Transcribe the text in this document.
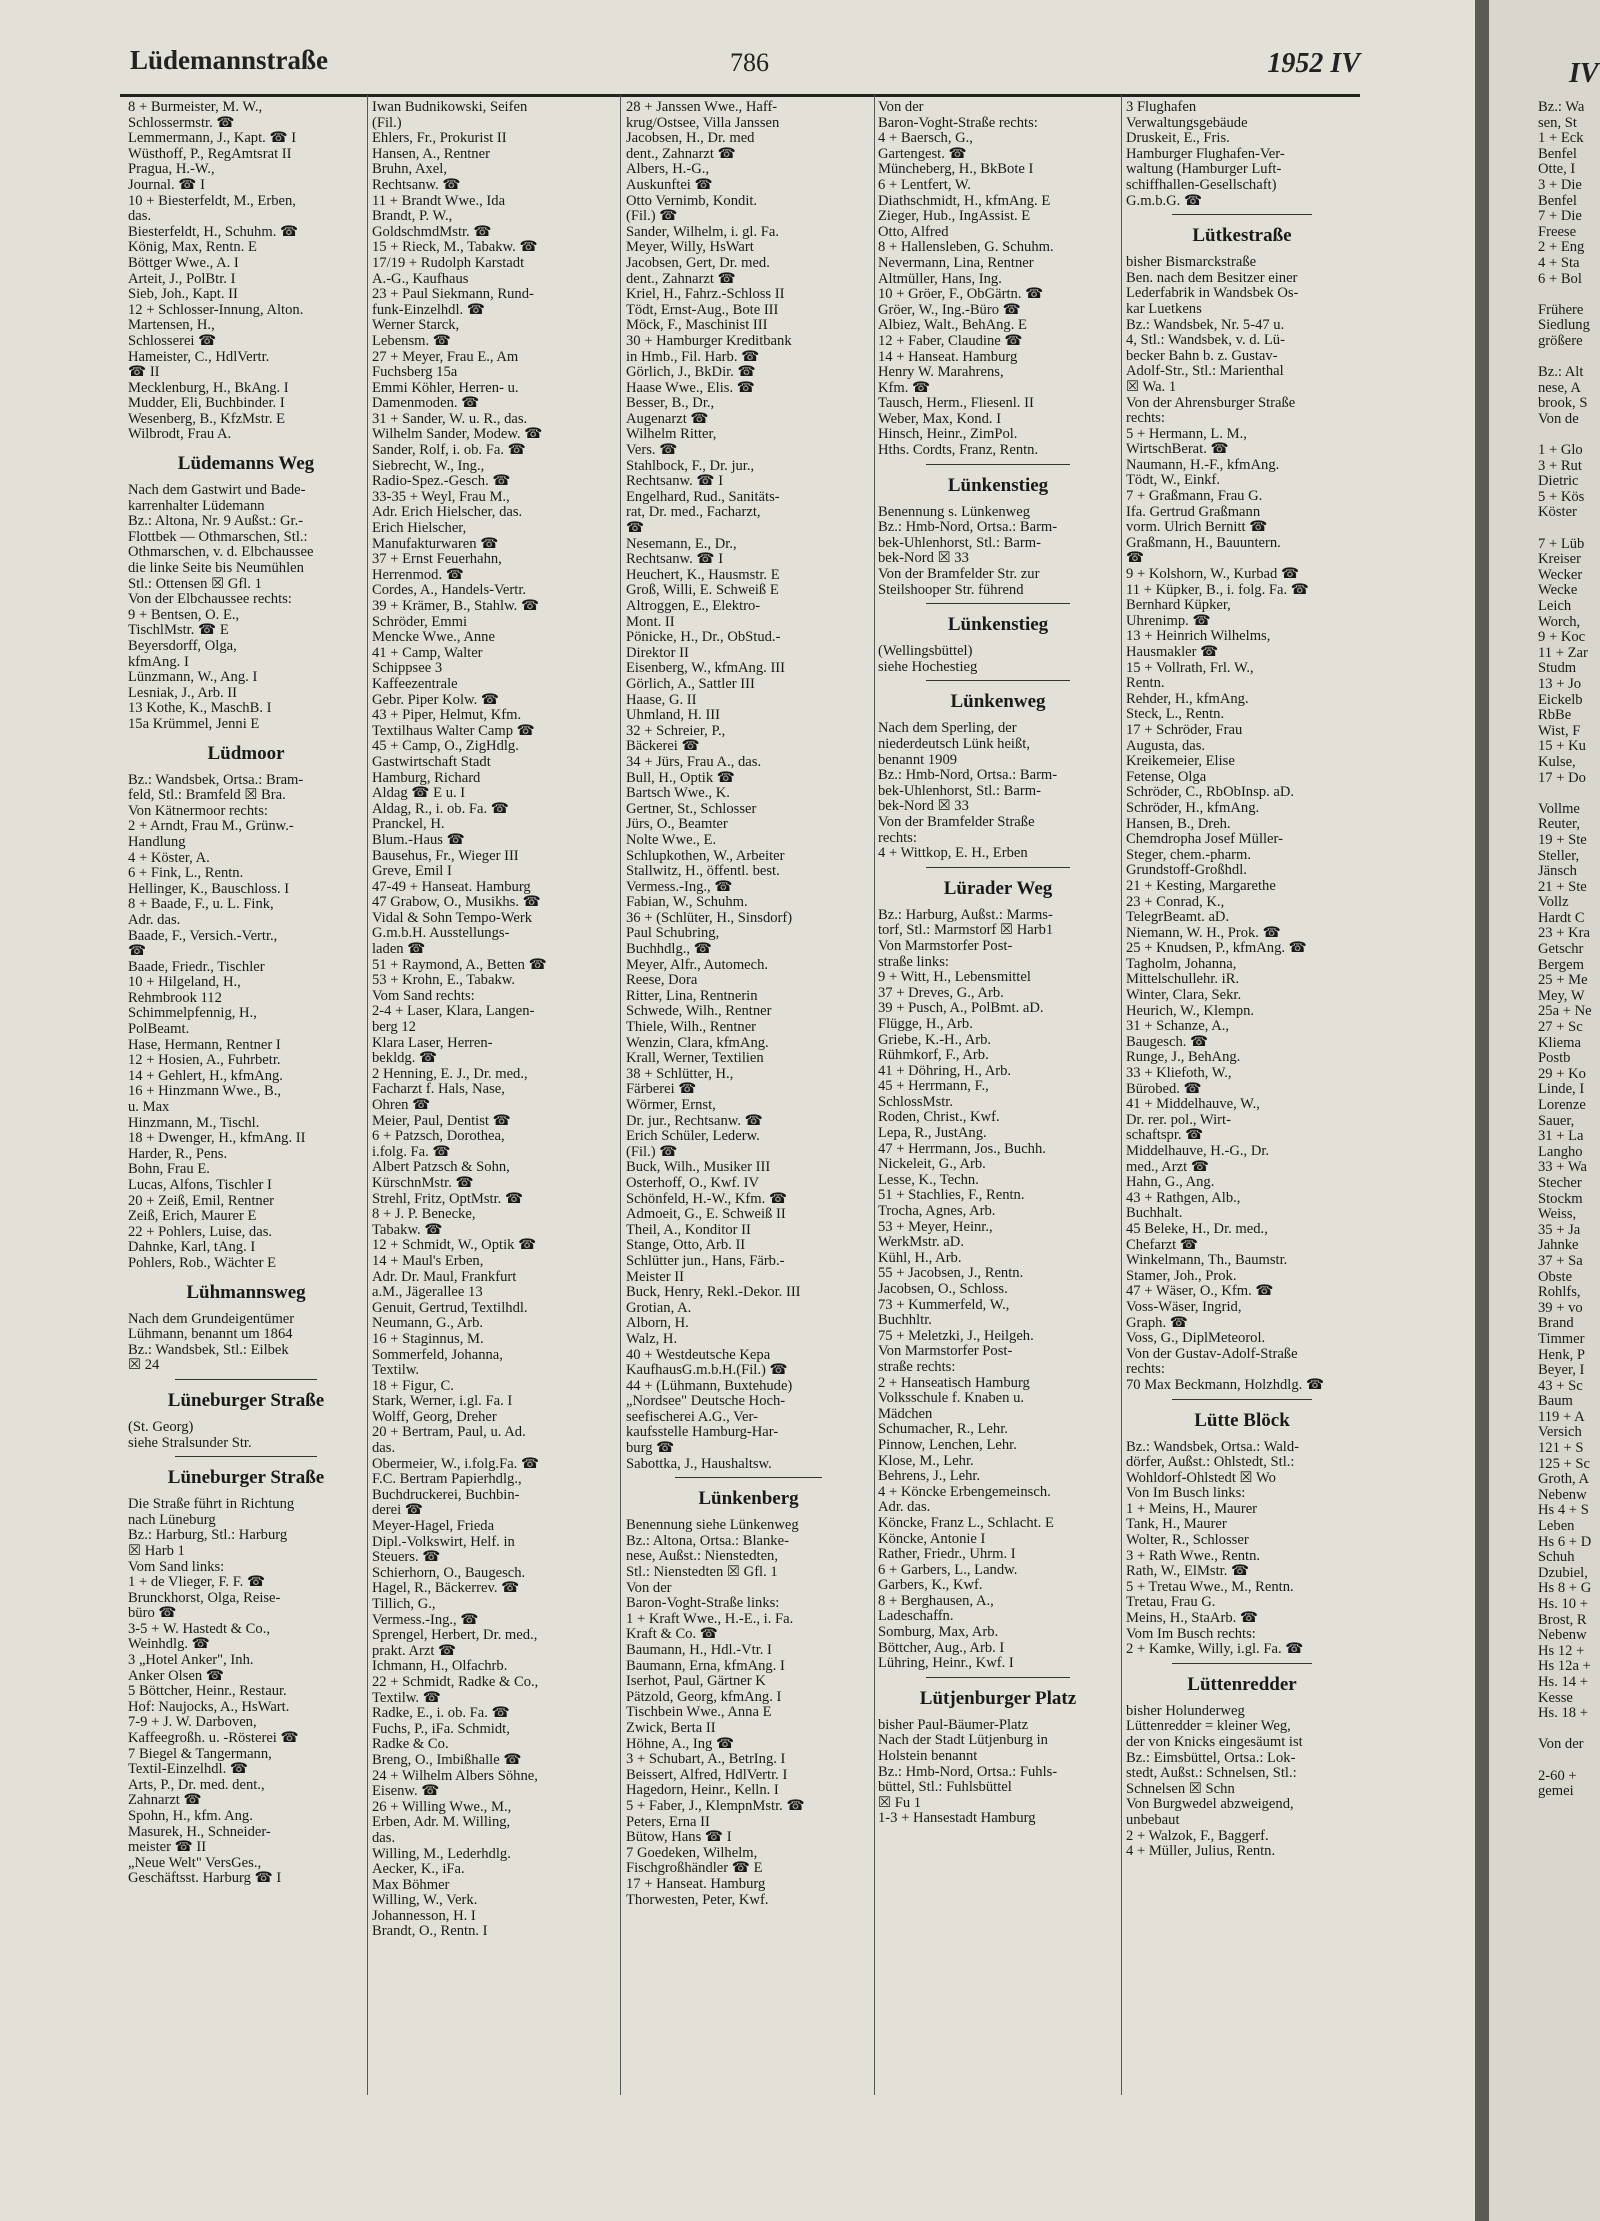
Lüdemannstraße	786	1952 IV
8 + Burmeister, M. W.,
Schlossermstr. ☎
Lemmermann, J., Kapt. ☎ I
Wüsthoff, P., RegAmtsrat II
Pragua, H.-W.,
Journal. ☎ I
10 + Biesterfeldt, M., Erben,
das.
Biesterfeldt, H., Schuhm. ☎
König, Max, Rentn. E
Böttger Wwe., A. I
Arteit, J., PolBtr. I
Sieb, Joh., Kapt. II
12 + Schlosser-Innung, Alton.
Martensen, H.,
Schlosserei ☎
Hameister, C., HdlVertr.
☎ II
Mecklenburg, H., BkAng. I
Mudder, Eli, Buchbinder. I
Wesenberg, B., KfzMstr. E
Wilbrodt, Frau A.
Lüdemanns Weg
Nach dem Gastwirt und Bade-
karrenhalter Lüdemann
Bz.: Altona, Nr. 9 Außst.: Gr.-
Flottbek — Othmarschen, Stl.:
Othmarschen, v. d. Elbchaussee
die linke Seite bis Neumühlen
Stl.: Ottensen ☒ Gfl. 1
Von der Elbchaussee rechts:
9 + Bentsen, O. E.,
TischlMstr. ☎ E
Beyersdorff, Olga,
kfmAng. I
Lünzmann, W., Ang. I
Lesniak, J., Arb. II
13 Kothe, K., MaschB. I
15a Krümmel, Jenni E
Lüdmoor
Bz.: Wandsbek, Ortsa.: Bram-
feld, Stl.: Bramfeld ☒ Bra.
Von Kätnermoor rechts:
2 + Arndt, Frau M., Grünw.-
Handlung
4 + Köster, A.
6 + Fink, L., Rentn.
Hellinger, K., Bauschloss. I
8 + Baade, F., u. L. Fink,
Adr. das.
Baade, F., Versich.-Vertr.,
☎
Baade, Friedr., Tischler
10 + Hilgeland, H.,
Rehmbrook 112
Schimmelpfennig, H.,
PolBeamt.
Hase, Hermann, Rentner I
12 + Hosien, A., Fuhrbetr.
14 + Gehlert, H., kfmAng.
16 + Hinzmann Wwe., B.,
u. Max
Hinzmann, M., Tischl.
18 + Dwenger, H., kfmAng. II
Harder, R., Pens.
Bohn, Frau E.
Lucas, Alfons, Tischler I
20 + Zeiß, Emil, Rentner
Zeiß, Erich, Maurer E
22 + Pohlers, Luise, das.
Dahnke, Karl, tAng. I
Pohlers, Rob., Wächter E
Lühmannsweg
Nach dem Grundeigentümer
Lühmann, benannt um 1864
Bz.: Wandsbek, Stl.: Eilbek
☒ 24
Lüneburger Straße
(St. Georg)
siehe Stralsunder Str.
Lüneburger Straße
Die Straße führt in Richtung
nach Lüneburg
Bz.: Harburg, Stl.: Harburg
☒ Harb 1
Vom Sand links:
1 + de Vlieger, F. F. ☎
Brunckhorst, Olga, Reise-
büro ☎
3-5 + W. Hastedt & Co.,
Weinhdlg. ☎
3 „Hotel Anker", Inh.
Anker Olsen ☎
5 Böttcher, Heinr., Restaur.
Hof: Naujocks, A., HsWart.
7-9 + J. W. Darboven,
Kaffeegroßh. u. -Rösterei ☎
7 Biegel & Tangermann,
Textil-Einzelhdl. ☎
Arts, P., Dr. med. dent.,
Zahnarzt ☎
Spohn, H., kfm. Ang.
Masurek, H., Schneider-
meister ☎ II
„Neue Welt" VersGes.,
Geschäftsst. Harburg ☎ I
Iwan Budnikowski, Seifen
(Fil.)
Ehlers, Fr., Prokurist II
Hansen, A., Rentner
Bruhn, Axel,
Rechtsanw. ☎
11 + Brandt Wwe., Ida
Brandt, P. W.,
GoldschmdMstr. ☎
15 + Rieck, M., Tabakw. ☎
17/19 + Rudolph Karstadt
A.-G., Kaufhaus
23 + Paul Siekmann, Rund-
funk-Einzelhdl. ☎
Werner Starck,
Lebensm. ☎
27 + Meyer, Frau E., Am
Fuchsberg 15a
Emmi Köhler, Herren- u.
Damenmoden. ☎
31 + Sander, W. u. R., das.
Wilhelm Sander, Modew. ☎
Sander, Rolf, i. ob. Fa. ☎
Siebrecht, W., Ing.,
Radio-Spez.-Gesch. ☎
33-35 + Weyl, Frau M.,
Adr. Erich Hielscher, das.
Erich Hielscher,
Manufakturwaren ☎
37 + Ernst Feuerhahn,
Herrenmod. ☎
Cordes, A., Handels-Vertr.
39 + Krämer, B., Stahlw. ☎
Schröder, Emmi
Mencke Wwe., Anne
41 + Camp, Walter
Schippsee 3
Kaffeezentrale
Gebr. Piper Kolw. ☎
43 + Piper, Helmut, Kfm.
Textilhaus Walter Camp ☎
45 + Camp, O., ZigHdlg.
Gastwirtschaft Stadt
Hamburg, Richard
Aldag ☎ E u. I
Aldag, R., i. ob. Fa. ☎
Pranckel, H.
Blum.-Haus ☎
Bausehus, Fr., Wieger III
Greve, Emil I
47-49 + Hanseat. Hamburg
47 Grabow, O., Musikhs. ☎
Vidal & Sohn Tempo-Werk
G.m.b.H. Ausstellungs-
laden ☎
51 + Raymond, A., Betten ☎
53 + Krohn, E., Tabakw.
Vom Sand rechts:
2-4 + Laser, Klara, Langen-
berg 12
Klara Laser, Herren-
bekldg. ☎
2 Henning, E. J., Dr. med.,
Facharzt f. Hals, Nase,
Ohren ☎
Meier, Paul, Dentist ☎
6 + Patzsch, Dorothea,
i.folg. Fa. ☎
Albert Patzsch & Sohn,
KürschnMstr. ☎
Strehl, Fritz, OptMstr. ☎
8 + J. P. Benecke,
Tabakw. ☎
12 + Schmidt, W., Optik ☎
14 + Maul's Erben,
Adr. Dr. Maul, Frankfurt
a.M., Jägerallee 13
Genuit, Gertrud, Textilhdl.
Neumann, G., Arb.
16 + Staginnus, M.
Sommerfeld, Johanna,
Textilw.
18 + Figur, C.
Stark, Werner, i.gl. Fa. I
Wolff, Georg, Dreher
20 + Bertram, Paul, u. Ad.
das.
Obermeier, W., i.folg.Fa. ☎
F.C. Bertram Papierhdlg.,
Buchdruckerei, Buchbin-
derei ☎
Meyer-Hagel, Frieda
Dipl.-Volkswirt, Helf. in
Steuers. ☎
Schierhorn, O., Baugesch.
Hagel, R., Bäckerrev. ☎
Tillich, G.,
Vermess.-Ing., ☎
Sprengel, Herbert, Dr. med.,
prakt. Arzt ☎
Ichmann, H., Olfachrb.
22 + Schmidt, Radke & Co.,
Textilw. ☎
Radke, E., i. ob. Fa. ☎
Fuchs, P., iFa. Schmidt,
Radke & Co.
Breng, O., Imbißhalle ☎
24 + Wilhelm Albers Söhne,
Eisenw. ☎
26 + Willing Wwe., M.,
Erben, Adr. M. Willing,
das.
Willing, M., Lederhdlg.
Aecker, K., iFa.
Max Böhmer
Willing, W., Verk.
Johannesson, H. I
Brandt, O., Rentn. I
28 + Janssen Wwe., Haff-
krug/Ostsee, Villa Janssen
Jacobsen, H., Dr. med
dent., Zahnarzt ☎
Albers, H.-G.,
Auskunftei ☎
Otto Vernimb, Kondit.
(Fil.) ☎
Sander, Wilhelm, i. gl. Fa.
Meyer, Willy, HsWart
Jacobsen, Gert, Dr. med.
dent., Zahnarzt ☎
Kriel, H., Fahrz.-Schloss II
Tödt, Ernst-Aug., Bote III
Möck, F., Maschinist III
30 + Hamburger Kreditbank
in Hmb., Fil. Harb. ☎
Görlich, J., BkDir. ☎
Haase Wwe., Elis. ☎
Besser, B., Dr.,
Augenarzt ☎
Wilhelm Ritter,
Vers. ☎
Stahlbock, F., Dr. jur.,
Rechtsanw. ☎ I
Engelhard, Rud., Sanitäts-
rat, Dr. med., Facharzt,
☎
Nesemann, E., Dr.,
Rechtsanw. ☎ I
Heuchert, K., Hausmstr. E
Groß, Willi, E. Schweiß E
Altroggen, E., Elektro-
Mont. II
Pönicke, H., Dr., ObStud.-
Direktor II
Eisenberg, W., kfmAng. III
Görlich, A., Sattler III
Haase, G. II
Uhmland, H. III
32 + Schreier, P.,
Bäckerei ☎
34 + Jürs, Frau A., das.
Bull, H., Optik ☎
Bartsch Wwe., K.
Gertner, St., Schlosser
Jürs, O., Beamter
Nolte Wwe., E.
Schlupkothen, W., Arbeiter
Stallwitz, H., öffentl. best.
Vermess.-Ing., ☎
Fabian, W., Schuhm.
36 + (Schlüter, H., Sinsdorf)
Paul Schubring,
Buchhdlg., ☎
Meyer, Alfr., Automech.
Reese, Dora
Ritter, Lina, Rentnerin
Schwede, Wilh., Rentner
Thiele, Wilh., Rentner
Wenzin, Clara, kfmAng.
Krall, Werner, Textilien
38 + Schlütter, H.,
Färberei ☎
Wörmer, Ernst,
Dr. jur., Rechtsanw. ☎
Erich Schüler, Lederw.
(Fil.) ☎
Buck, Wilh., Musiker III
Osterhoff, O., Kwf. IV
Schönfeld, H.-W., Kfm. ☎
Admoeit, G., E. Schweiß II
Theil, A., Konditor II
Stange, Otto, Arb. II
Schlütter jun., Hans, Färb.-
Meister II
Buck, Henry, Rekl.-Dekor. III
Grotian, A.
Alborn, H.
Walz, H.
40 + Westdeutsche Kepa
KaufhausG.m.b.H.(Fil.) ☎
44 + (Lühmann, Buxtehude)
„Nordsee" Deutsche Hoch-
seefischerei A.G., Ver-
kaufsstelle Hamburg-Har-
burg ☎
Sabottka, J., Haushaltsw.
Lünkenberg
Benennung siehe Lünkenweg
Bz.: Altona, Ortsa.: Blanke-
nese, Außst.: Nienstedten,
Stl.: Nienstedten ☒ Gfl. 1
Von der
Baron-Voght-Straße links:
1 + Kraft Wwe., H.-E., i. Fa.
Kraft & Co. ☎
Baumann, H., Hdl.-Vtr. I
Baumann, Erna, kfmAng. I
Iserhot, Paul, Gärtner K
Pätzold, Georg, kfmAng. I
Tischbein Wwe., Anna E
Zwick, Berta II
Höhne, A., Ing ☎
3 + Schubart, A., BetrIng. I
Beissert, Alfred, HdlVertr. I
Hagedorn, Heinr., Kelln. I
5 + Faber, J., KlempnMstr. ☎
Peters, Erna II
Bütow, Hans ☎ I
7 Goedeken, Wilhelm,
Fischgroßhändler ☎ E
17 + Hanseat. Hamburg
Thorwesten, Peter, Kwf.
Von der
Baron-Voght-Straße rechts:
4 + Baersch, G.,
Gartengest. ☎
Müncheberg, H., BkBote I
6 + Lentfert, W.
Diathschmidt, H., kfmAng. E
Zieger, Hub., IngAssist. E
Otto, Alfred
8 + Hallensleben, G. Schuhm.
Nevermann, Lina, Rentner
Altmüller, Hans, Ing.
10 + Gröer, F., ObGärtn. ☎
Gröer, W., Ing.-Büro ☎
Albiez, Walt., BehAng. E
12 + Faber, Claudine ☎
14 + Hanseat. Hamburg
Henry W. Marahrens,
Kfm. ☎
Tausch, Herm., Fliesenl. II
Weber, Max, Kond. I
Hinsch, Heinr., ZimPol.
Hths. Cordts, Franz, Rentn.
Lünkenstieg
Benennung s. Lünkenweg
Bz.: Hmb-Nord, Ortsa.: Barm-
bek-Uhlenhorst, Stl.: Barm-
bek-Nord ☒ 33
Von der Bramfelder Str. zur
Steilshooper Str. führend
Lünkenstieg
(Wellingsbüttel)
siehe Hochestieg
Lünkenweg
Nach dem Sperling, der
niederdeutsch Lünk heißt,
benannt 1909
Bz.: Hmb-Nord, Ortsa.: Barm-
bek-Uhlenhorst, Stl.: Barm-
bek-Nord ☒ 33
Von der Bramfelder Straße
rechts:
4 + Wittkop, E. H., Erben
Lürader Weg
Bz.: Harburg, Außst.: Marms-
torf, Stl.: Marmstorf ☒ Harb1
Von Marmstorfer Post-
straße links:
9 + Witt, H., Lebensmittel
37 + Dreves, G., Arb.
39 + Pusch, A., PolBmt. aD.
Flügge, H., Arb.
Griebe, K.-H., Arb.
Rühmkorf, F., Arb.
41 + Döhring, H., Arb.
45 + Herrmann, F.,
SchlossMstr.
Roden, Christ., Kwf.
Lepa, R., JustAng.
47 + Herrmann, Jos., Buchh.
Nickeleit, G., Arb.
Lesse, K., Techn.
51 + Stachlies, F., Rentn.
Trocha, Agnes, Arb.
53 + Meyer, Heinr.,
WerkMstr. aD.
Kühl, H., Arb.
55 + Jacobsen, J., Rentn.
Jacobsen, O., Schloss.
73 + Kummerfeld, W.,
Buchhltr.
75 + Meletzki, J., Heilgeh.
Von Marmstorfer Post-
straße rechts:
2 + Hanseatisch Hamburg
Volksschule f. Knaben u.
Mädchen
Schumacher, R., Lehr.
Pinnow, Lenchen, Lehr.
Klose, M., Lehr.
Behrens, J., Lehr.
4 + Köncke Erbengemeinsch.
Adr. das.
Köncke, Franz L., Schlacht. E
Köncke, Antonie I
Rather, Friedr., Uhrm. I
6 + Garbers, L., Landw.
Garbers, K., Kwf.
8 + Berghausen, A.,
Ladeschaffn.
Somburg, Max, Arb.
Böttcher, Aug., Arb. I
Lühring, Heinr., Kwf. I
Lütjenburger Platz
bisher Paul-Bäumer-Platz
Nach der Stadt Lütjenburg in
Holstein benannt
Bz.: Hmb-Nord, Ortsa.: Fuhls-
büttel, Stl.: Fuhlsbüttel
☒ Fu 1
1-3 + Hansestadt Hamburg
3 Flughafen
Verwaltungsgebäude
Druskeit, E., Fris.
Hamburger Flughafen-Ver-
waltung (Hamburger Luft-
schiffhallen-Gesellschaft)
G.m.b.G. ☎
Lütkestraße
bisher Bismarckstraße
Ben. nach dem Besitzer einer
Lederfabrik in Wandsbek Os-
kar Luetkens
Bz.: Wandsbek, Nr. 5-47 u.
4, Stl.: Wandsbek, v. d. Lü-
becker Bahn b. z. Gustav-
Adolf-Str., Stl.: Marienthal
☒ Wa. 1
Von der Ahrensburger Straße
rechts:
5 + Hermann, L. M.,
WirtschBerat. ☎
Naumann, H.-F., kfmAng.
Tödt, W., Einkf.
7 + Graßmann, Frau G.
Ifa. Gertrud Graßmann
vorm. Ulrich Bernitt ☎
Graßmann, H., Bauuntern.
☎
9 + Kolshorn, W., Kurbad ☎
11 + Küpker, B., i. folg. Fa. ☎
Bernhard Küpker,
Uhrenimp. ☎
13 + Heinrich Wilhelms,
Hausmakler ☎
15 + Vollrath, Frl. W.,
Rentn.
Rehder, H., kfmAng.
Steck, L., Rentn.
17 + Schröder, Frau
Augusta, das.
Kreikemeier, Elise
Fetense, Olga
Schröder, C., RbObInsp. aD.
Schröder, H., kfmAng.
Hansen, B., Dreh.
Chemdropha Josef Müller-
Steger, chem.-pharm.
Grundstoff-Großhdl.
21 + Kesting, Margarethe
23 + Conrad, K.,
TelegrBeamt. aD.
Niemann, W. H., Prok. ☎
25 + Knudsen, P., kfmAng. ☎
Tagholm, Johanna,
Mittelschullehr. iR.
Winter, Clara, Sekr.
Heurich, W., Klempn.
31 + Schanze, A.,
Baugesch. ☎
Runge, J., BehAng.
33 + Kliefoth, W.,
Bürobed. ☎
41 + Middelhauve, W.,
Dr. rer. pol., Wirt-
schaftspr. ☎
Middelhauve, H.-G., Dr.
med., Arzt ☎
Hahn, G., Ang.
43 + Rathgen, Alb.,
Buchhalt.
45 Beleke, H., Dr. med.,
Chefarzt ☎
Winkelmann, Th., Baumstr.
Stamer, Joh., Prok.
47 + Wäser, O., Kfm. ☎
Voss-Wäser, Ingrid,
Graph. ☎
Voss, G., DiplMeteorol.
Von der Gustav-Adolf-Straße
rechts:
70 Max Beckmann, Holzhdlg. ☎
Lütte Blöck
Bz.: Wandsbek, Ortsa.: Wald-
dörfer, Außst.: Ohlstedt, Stl.:
Wohldorf-Ohlstedt ☒ Wo
Von Im Busch links:
1 + Meins, H., Maurer
Tank, H., Maurer
Wolter, R., Schlosser
3 + Rath Wwe., Rentn.
Rath, W., ElMstr. ☎
5 + Tretau Wwe., M., Rentn.
Tretau, Frau G.
Meins, H., StaArb. ☎
Vom Im Busch rechts:
2 + Kamke, Willy, i.gl. Fa. ☎
Lüttenredder
bisher Holunderweg
Lüttenredder = kleiner Weg,
der von Knicks eingesäumt ist
Bz.: Eimsbüttel, Ortsa.: Lok-
stedt, Außst.: Schnelsen, Stl.:
Schnelsen ☒ Schn
Von Burgwedel abzweigend,
unbebaut
2 + Walzok, F., Baggerf.
4 + Müller, Julius, Rentn.
IV
Bz.: Wa
sen, St
1 + Eck
Benfel
Otte, I
3 + Die
Benfel
7 + Die
Freese
2 + Eng
4 + Sta
6 + Bol

Frühere
Siedlung
größere

Bz.: Alt
nese, A
brook, S
Von de

1 + Glo
3 + Rut
Dietric
5 + Kös
Köster

7 + Lüb
Kreiser
Wecker
Wecke
Leich
Worch,
9 + Koc
11 + Zar
Studm
13 + Jo
Eickelb
RbBe
Wist, F
15 + Ku
Kulse,
17 + Do

Vollme
Reuter,
19 + Ste
Steller,
Jänsch
21 + Ste
Vollz
Hardt C
23 + Kra
Getschr
Bergem
25 + Me
Mey, W
25a + Ne
27 + Sc
Kliema
Postb
29 + Ko
Linde, I
Lorenze
Sauer,
31 + La
Langho
33 + Wa
Stecher
Stockm
Weiss,
35 + Ja
Jahnke
37 + Sa
Obste
Rohlfs,
39 + vo
Brand
Timmer
Henk, P
Beyer, I
43 + Sc
Baum
119 + A
Versich
121 + S
125 + Sc
Groth, A
Nebenw
Hs 4 + S
Leben
Hs 6 + D
Schuh
Dzubiel,
Hs 8 + G
Hs. 10 +
Brost, R
Nebenw
Hs 12 +
Hs 12a +
Hs. 14 +
Kesse
Hs. 18 +

Von der

2-60 +
gemei
